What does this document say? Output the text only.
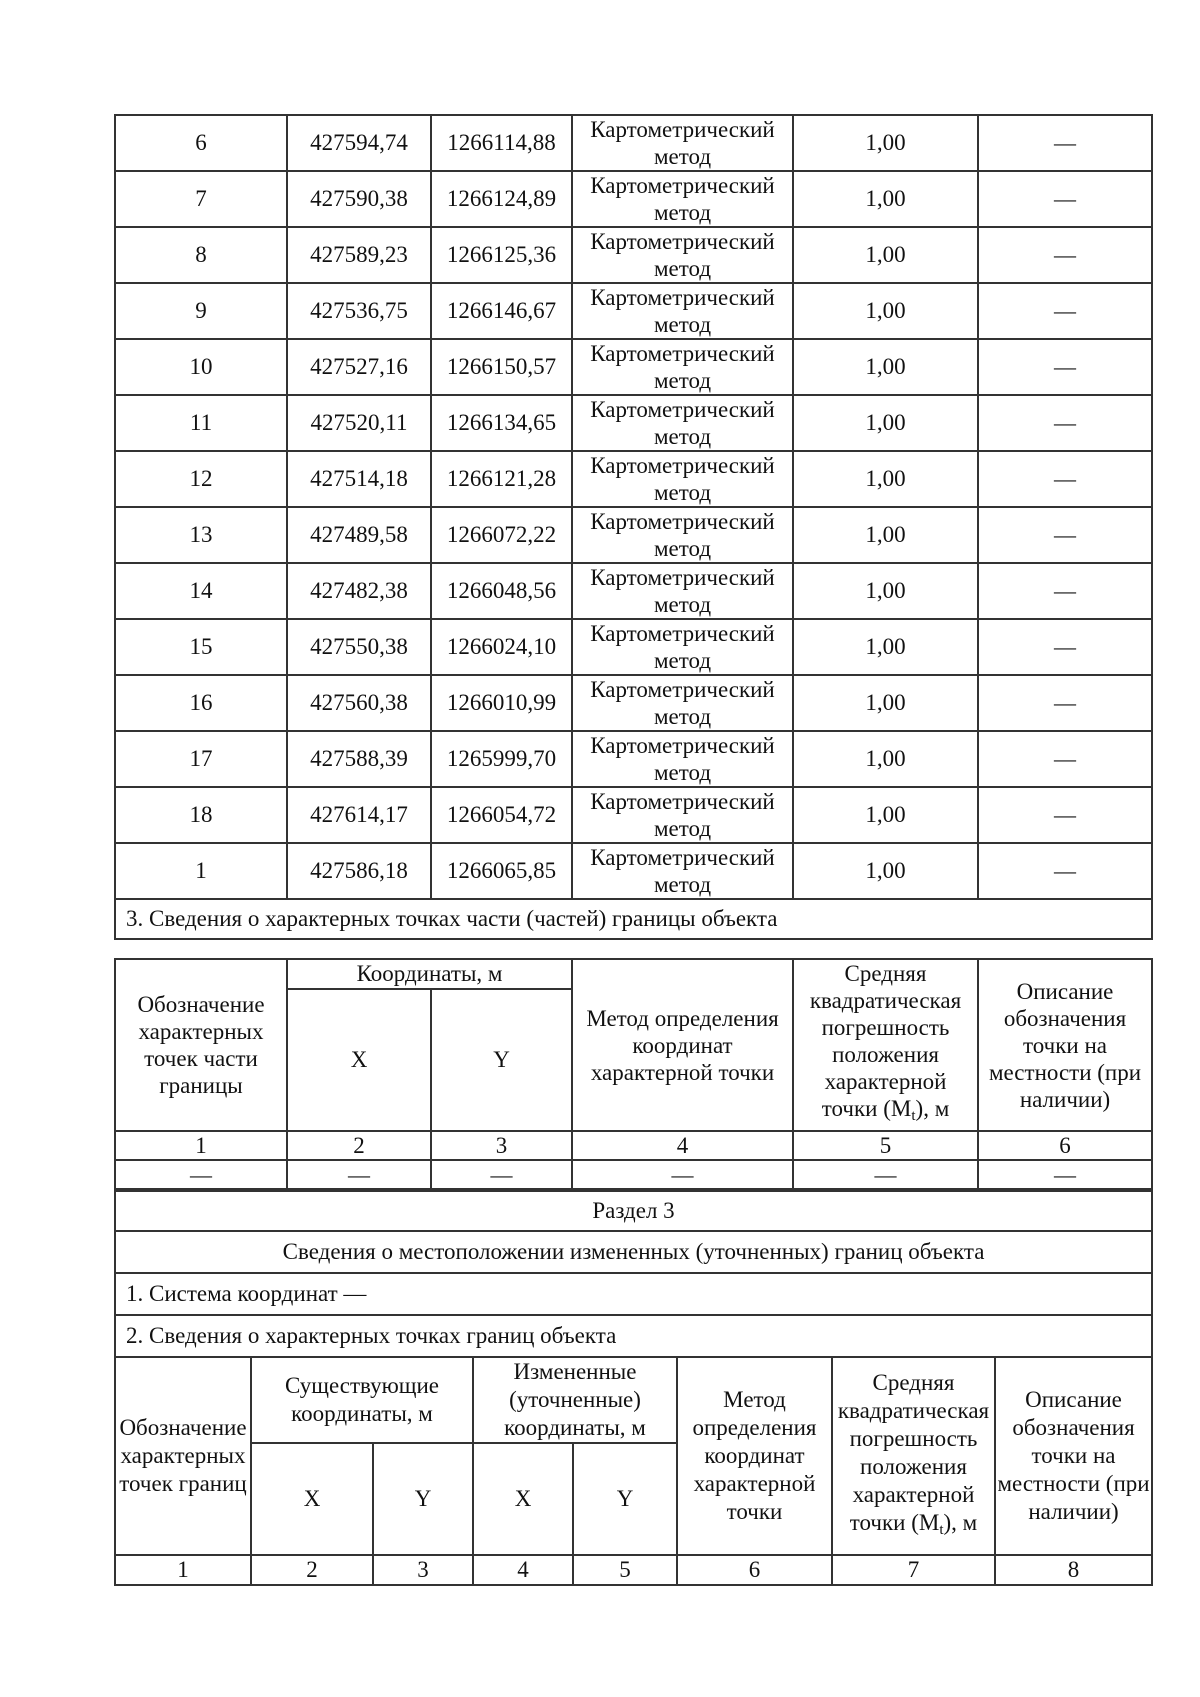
6	427594,74	1266114,88	Картометрический метод	1,00	—
7	427590,38	1266124,89	Картометрический метод	1,00	—
8	427589,23	1266125,36	Картометрический метод	1,00	—
9	427536,75	1266146,67	Картометрический метод	1,00	—
10	427527,16	1266150,57	Картометрический метод	1,00	—
11	427520,11	1266134,65	Картометрический метод	1,00	—
12	427514,18	1266121,28	Картометрический метод	1,00	—
13	427489,58	1266072,22	Картометрический метод	1,00	—
14	427482,38	1266048,56	Картометрический метод	1,00	—
15	427550,38	1266024,10	Картометрический метод	1,00	—
16	427560,38	1266010,99	Картометрический метод	1,00	—
17	427588,39	1265999,70	Картометрический метод	1,00	—
18	427614,17	1266054,72	Картометрический метод	1,00	—
1	427586,18	1266065,85	Картометрический метод	1,00	—
3. Сведения о характерных точках части (частей) границы объекта					
Обозначение характерных точек части границы	Координаты, м		Метод определения координат характерной точки	Средняя квадратическая погрешность положения характерной точки $(M_t)$, м	Описание обозначения точки на местности (при наличии)
	X	Y			
1	2	3	4	5	6
—	—	—	—	—	—
Раздел 3							
Сведения о местоположении измененных (уточненных) границ объекта							
1. Система координат —							
2. Сведения о характерных точках границ объекта							
Обозначение характерных точек границ	Существующие координаты, м		Измененные (уточненные) координаты, м		Метод определения координат характерной точки	Средняя квадратическая погрешность положения характерной точки $(M_t)$, м	Описание обозначения точки на местности (при наличии)
	X	Y	X	Y			
1	2	3	4	5	6	7	8
